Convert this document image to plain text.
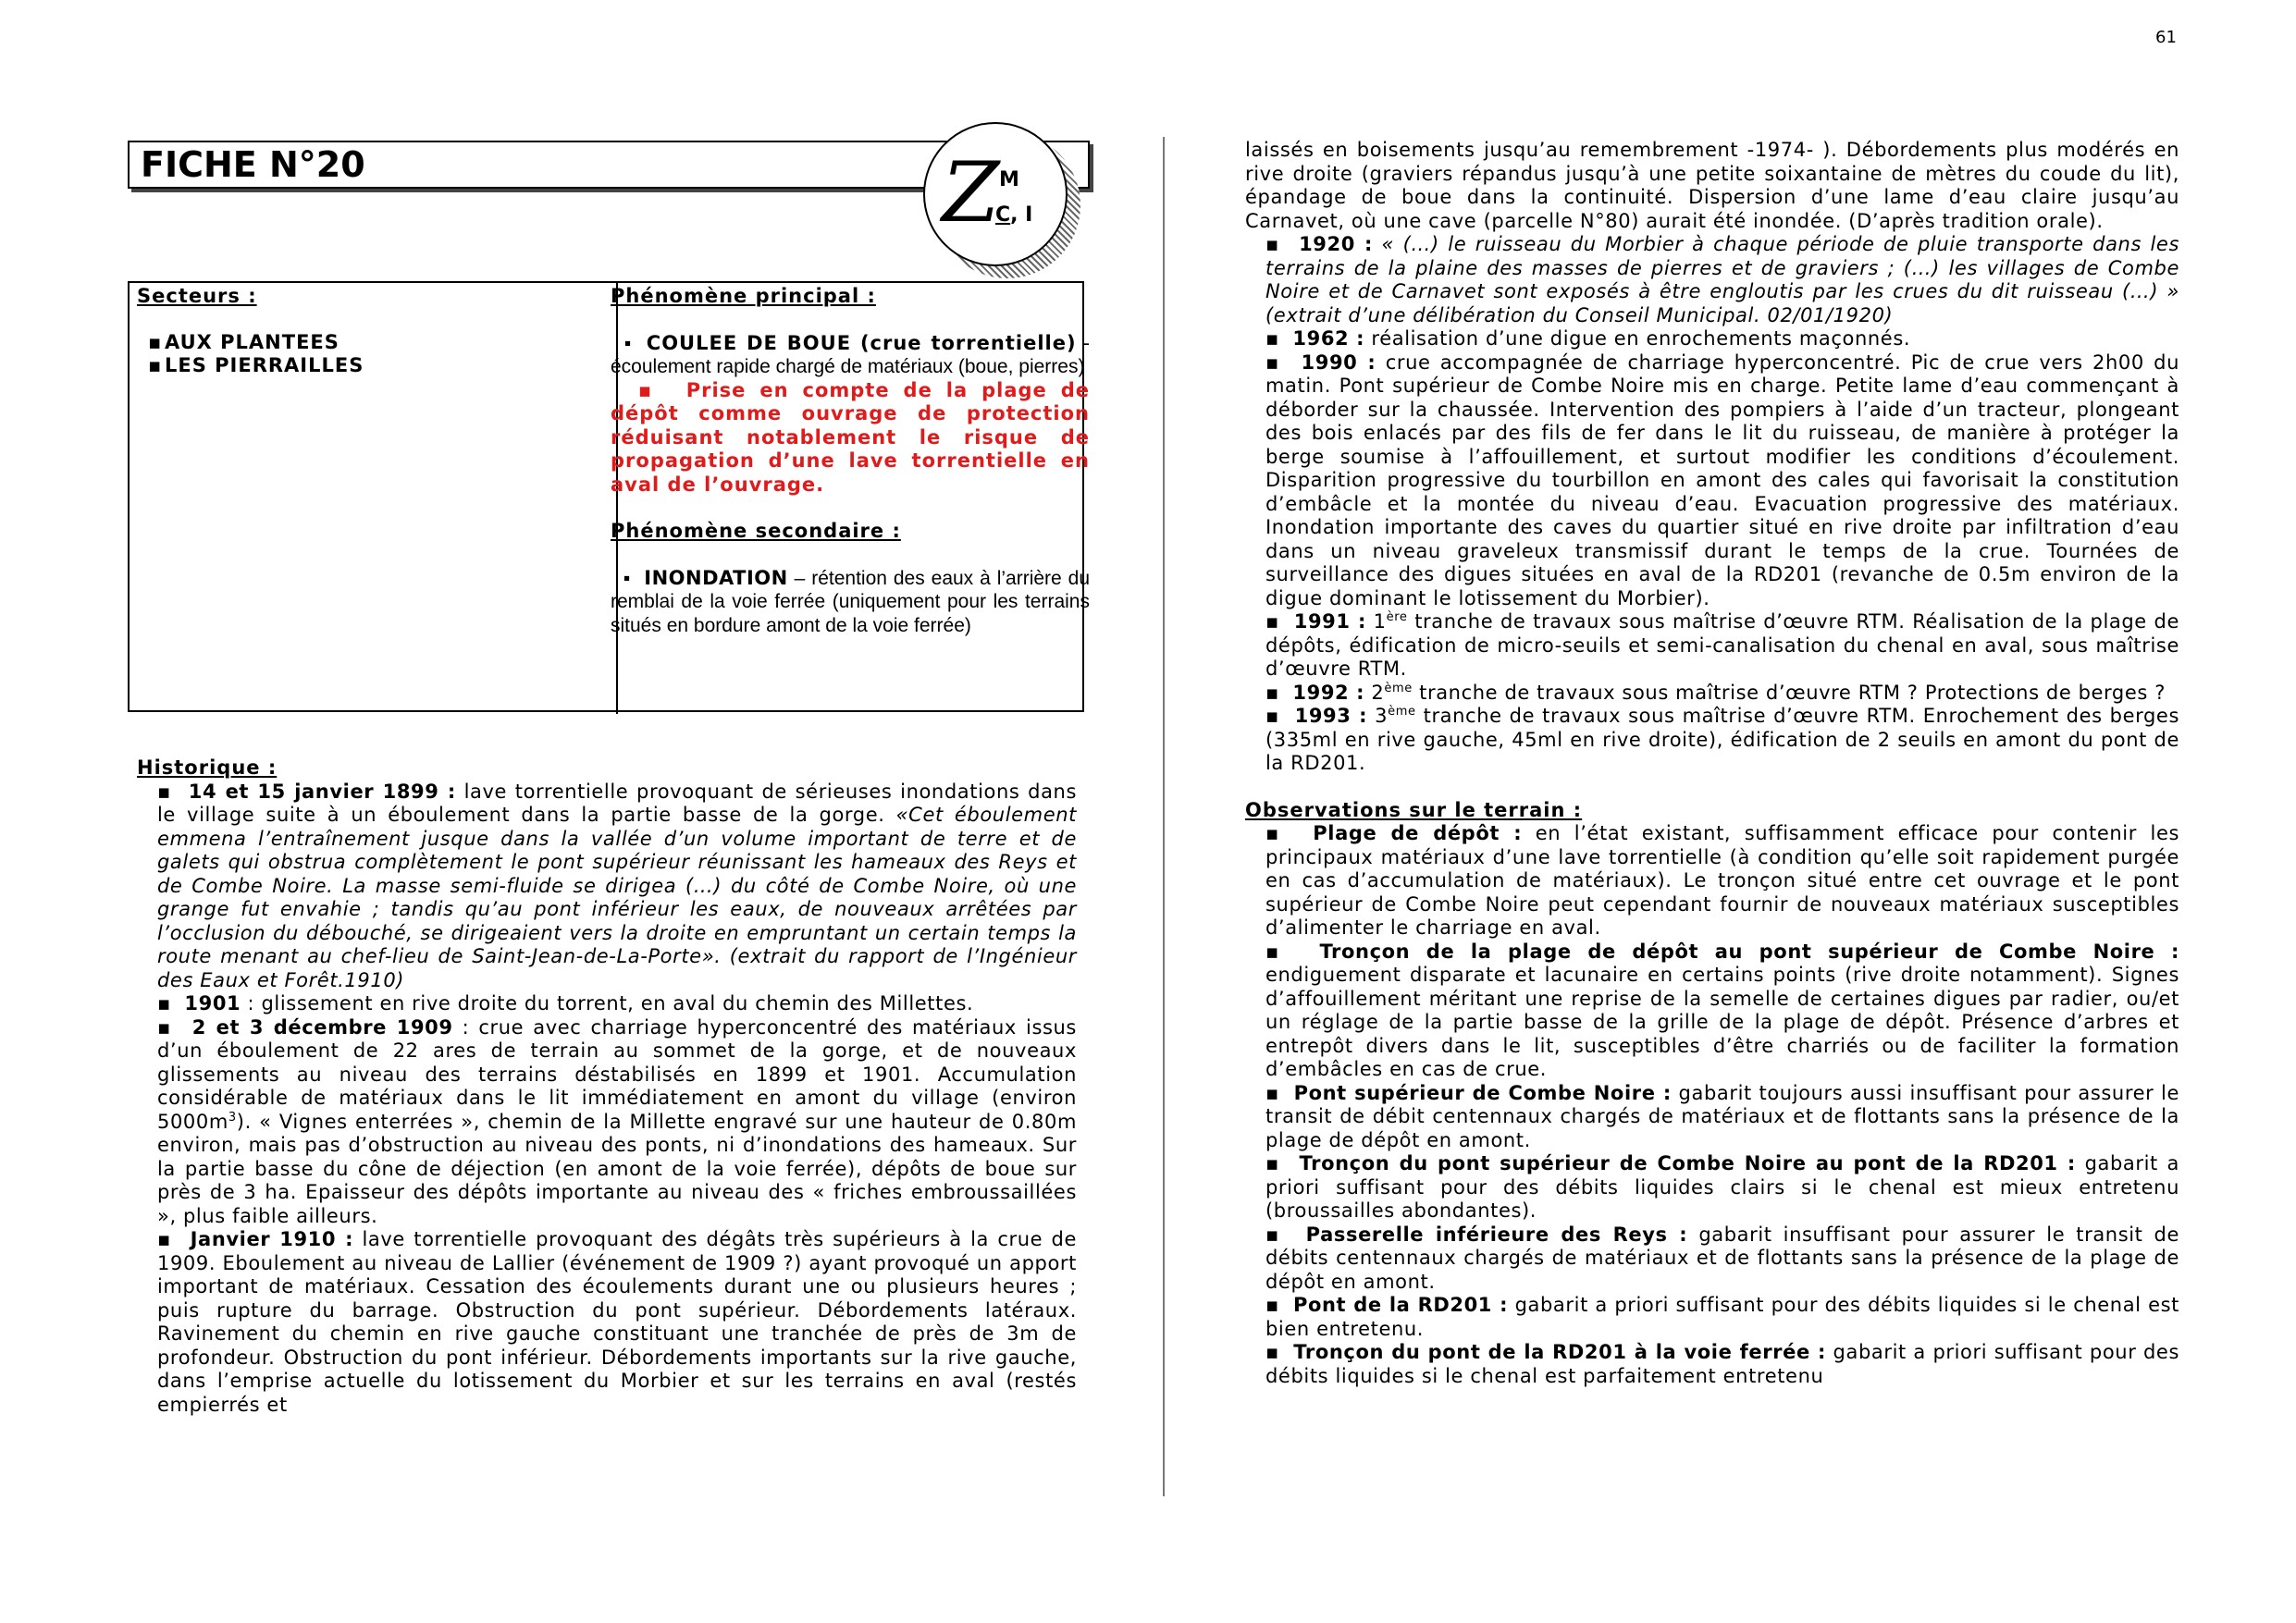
61
FICHE N°20	Z M
C, I
Secteurs :
▪ AUX PLANTEES
▪ LES PIERRAILLES
Phénomène principal :
▪  COULEE DE BOUE (crue torrentielle) - écoulement rapide chargé de matériaux (boue, pierres)
▪  Prise en compte de la plage de dépôt comme ouvrage de protection réduisant notablement le risque de propagation d’une lave torrentielle en aval de l’ouvrage.
Phénomène secondaire :
▪  INONDATION – rétention des eaux à l’arrière du remblai de la voie ferrée (uniquement pour les terrains situés en bordure amont de la voie ferrée)

Historique :

▪  14 et 15 janvier 1899 : lave torrentielle provoquant de sérieuses inondations dans le village suite à un éboulement dans la partie basse de la gorge. «Cet éboulement emmena l’entraînement jusque dans la vallée d’un volume important de terre et de galets qui obstrua complètement le pont supérieur réunissant les hameaux des Reys et de Combe Noire. La masse semi-fluide se dirigea (…) du côté de Combe Noire, où une grange fut envahie ; tandis qu’au pont inférieur les eaux, de nouveaux arrêtées par l’occlusion du débouché, se dirigeaient vers la droite en empruntant un certain temps la route menant au chef-lieu de Saint-Jean-de-La-Porte». (extrait du rapport de l’Ingénieur des Eaux et Forêt.1910)

▪  1901 : glissement en rive droite du torrent, en aval du chemin des Millettes.

▪  2 et 3 décembre 1909 : crue avec charriage hyperconcentré des matériaux issus d’un éboulement de 22 ares de terrain au sommet de la gorge, et de nouveaux glissements au niveau des terrains déstabilisés en 1899 et 1901. Accumulation considérable de matériaux dans le lit immédiatement en amont du village (environ $5000m^3$). « Vignes enterrées », chemin de la Millette engravé sur une hauteur de 0.80m environ, mais pas d’obstruction au niveau des ponts, ni d’inondations des hameaux. Sur la partie basse du cône de déjection (en amont de la voie ferrée), dépôts de boue sur près de 3 ha. Epaisseur des dépôts importante au niveau des « friches embroussaillées », plus faible ailleurs.

▪  Janvier 1910 : lave torrentielle provoquant des dégâts très supérieurs à la crue de 1909. Eboulement au niveau de Lallier (événement de 1909 ?) ayant provoqué un apport important de matériaux. Cessation des écoulements durant une ou plusieurs heures ; puis rupture du barrage. Obstruction du pont supérieur. Débordements latéraux. Ravinement du chemin en rive gauche constituant une tranchée de près de 3m de profondeur. Obstruction du pont inférieur. Débordements importants sur la rive gauche, dans l’emprise actuelle du lotissement du Morbier et sur les terrains en aval (restés empierrés et

laissés en boisements jusqu’au remembrement -1974- ). Débordements plus modérés en rive droite (graviers répandus jusqu’à une petite soixantaine de mètres du coude du lit), épandage de boue dans la continuité. Dispersion d’une lame d’eau claire jusqu’au Carnavet, où une cave (parcelle N°80) aurait été inondée. (D’après tradition orale).

▪  1920 : « (…) le ruisseau du Morbier à chaque période de pluie transporte dans les terrains de la plaine des masses de pierres et de graviers ; (…) les villages de Combe Noire et de Carnavet sont exposés à être engloutis par les crues du dit ruisseau (…) » (extrait d’une délibération du Conseil Municipal. 02/01/1920)

▪  1962 : réalisation d’une digue en enrochements maçonnés.

▪  1990 : crue accompagnée de charriage hyperconcentré. Pic de crue vers 2h00 du matin. Pont supérieur de Combe Noire mis en charge. Petite lame d’eau commençant à déborder sur la chaussée. Intervention des pompiers à l’aide d’un tracteur, plongeant des bois enlacés par des fils de fer dans le lit du ruisseau, de manière à protéger la berge soumise à l’affouillement, et surtout modifier les conditions d’écoulement. Disparition progressive du tourbillon en amont des cales qui favorisait la constitution d’embâcle et la montée du niveau d’eau. Evacuation progressive des matériaux. Inondation importante des caves du quartier situé en rive droite par infiltration d’eau dans un niveau graveleux transmissif durant le temps de la crue. Tournées de surveillance des digues situées en aval de la RD201 (revanche de 0.5m environ de la digue dominant le lotissement du Morbier).

▪  1991 : 1ère tranche de travaux sous maîtrise d’œuvre RTM. Réalisation de la plage de dépôts, édification de micro-seuils et semi-canalisation du chenal en aval, sous maîtrise d’œuvre RTM.

▪  1992 : 2ème tranche de travaux sous maîtrise d’œuvre RTM ? Protections de berges ?

▪  1993 : 3ème tranche de travaux sous maîtrise d’œuvre RTM. Enrochement des berges (335ml en rive gauche, 45ml en rive droite), édification de 2 seuils en amont du pont de la RD201.

Observations sur le terrain :

▪  Plage de dépôt : en l’état existant, suffisamment efficace pour contenir les principaux matériaux d’une lave torrentielle (à condition qu’elle soit rapidement purgée en cas d’accumulation de matériaux). Le tronçon situé entre cet ouvrage et le pont supérieur de Combe Noire peut cependant fournir de nouveaux matériaux susceptibles d’alimenter le charriage en aval.

▪  Tronçon de la plage de dépôt au pont supérieur de Combe Noire : endiguement disparate et lacunaire en certains points (rive droite notamment). Signes d’affouillement méritant une reprise de la semelle de certaines digues par radier, ou/et un réglage de la partie basse de la grille de la plage de dépôt. Présence d’arbres et entrepôt divers dans le lit, susceptibles d’être charriés ou de faciliter la formation d’embâcles en cas de crue.

▪  Pont supérieur de Combe Noire : gabarit toujours aussi insuffisant pour assurer le transit de débit centennaux chargés de matériaux et de flottants sans la présence de la plage de dépôt en amont.

▪  Tronçon du pont supérieur de Combe Noire au pont de la RD201 : gabarit a priori suffisant pour des débits liquides clairs si le chenal est mieux entretenu (broussailles abondantes).

▪  Passerelle inférieure des Reys : gabarit insuffisant pour assurer le transit de débits centennaux chargés de matériaux et de flottants sans la présence de la plage de dépôt en amont.

▪  Pont de la RD201 : gabarit a priori suffisant pour des débits liquides si le chenal est bien entretenu.

▪  Tronçon du pont de la RD201 à la voie ferrée : gabarit a priori suffisant pour des débits liquides si le chenal est parfaitement entretenu
